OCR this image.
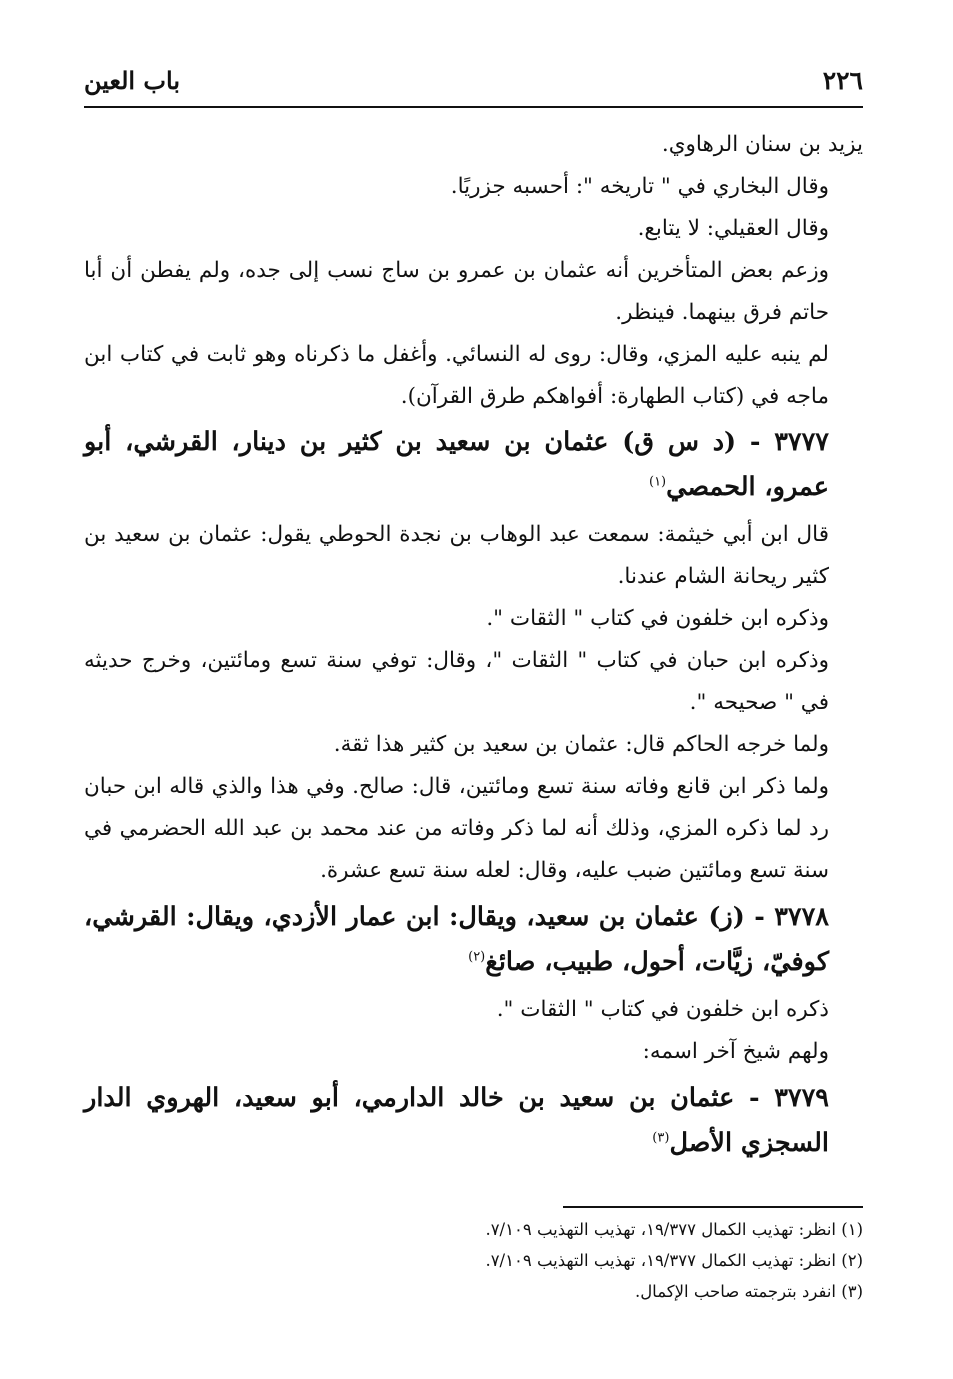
٢٢٦
باب العين

يزيد بن سنان الرهاوي.

وقال البخاري في " تاريخه ": أحسبه جزريًا.

وقال العقيلي: لا يتابع.

وزعم بعض المتأخرين أنه عثمان بن عمرو بن ساج نسب إلى جده، ولم يفطن أن أبا حاتم فرق بينهما. فينظر.

لم ينبه عليه المزي، وقال: روى له النسائي. وأغفل ما ذكرناه وهو ثابت في كتاب ابن ماجه في (كتاب الطهارة: أفواهكم طرق القرآن).

٣٧٧٧ - (د س ق) عثمان بن سعيد بن كثير بن دينار، القرشي، أبو عمرو، الحمصي$^{(١)}$

قال ابن أبي خيثمة: سمعت عبد الوهاب بن نجدة الحوطي يقول: عثمان بن سعيد بن كثير ريحانة الشام عندنا.

وذكره ابن خلفون في كتاب " الثقات ".

وذكره ابن حبان في كتاب " الثقات "، وقال: توفي سنة تسع ومائتين، وخرج حديثه في " صحيحه ".

ولما خرجه الحاكم قال: عثمان بن سعيد بن كثير هذا ثقة.

ولما ذكر ابن قانع وفاته سنة تسع ومائتين، قال: صالح. وفي هذا والذي قاله ابن حبان رد لما ذكره المزي، وذلك أنه لما ذكر وفاته من عند محمد بن عبد الله الحضرمي في سنة تسع ومائتين ضبب عليه، وقال: لعله سنة تسع عشرة.

٣٧٧٨ - (ز) عثمان بن سعيد، ويقال: ابن عمار الأزدي، ويقال: القرشي، كوفيّ، زيَّات، أحول، طبيب، صائغ$^{(٢)}$

ذكره ابن خلفون في كتاب " الثقات ".

ولهم شيخ آخر اسمه:

٣٧٧٩ - عثمان بن سعيد بن خالد الدارمي، أبو سعيد، الهروي الدار السجزي الأصل$^{(٣)}$

(١) انظر: تهذيب الكمال ١٩/٣٧٧، تهذيب التهذيب ٧/١٠٩.

(٢) انظر: تهذيب الكمال ١٩/٣٧٧، تهذيب التهذيب ٧/١٠٩.

(٣) انفرد بترجمته صاحب الإكمال.
